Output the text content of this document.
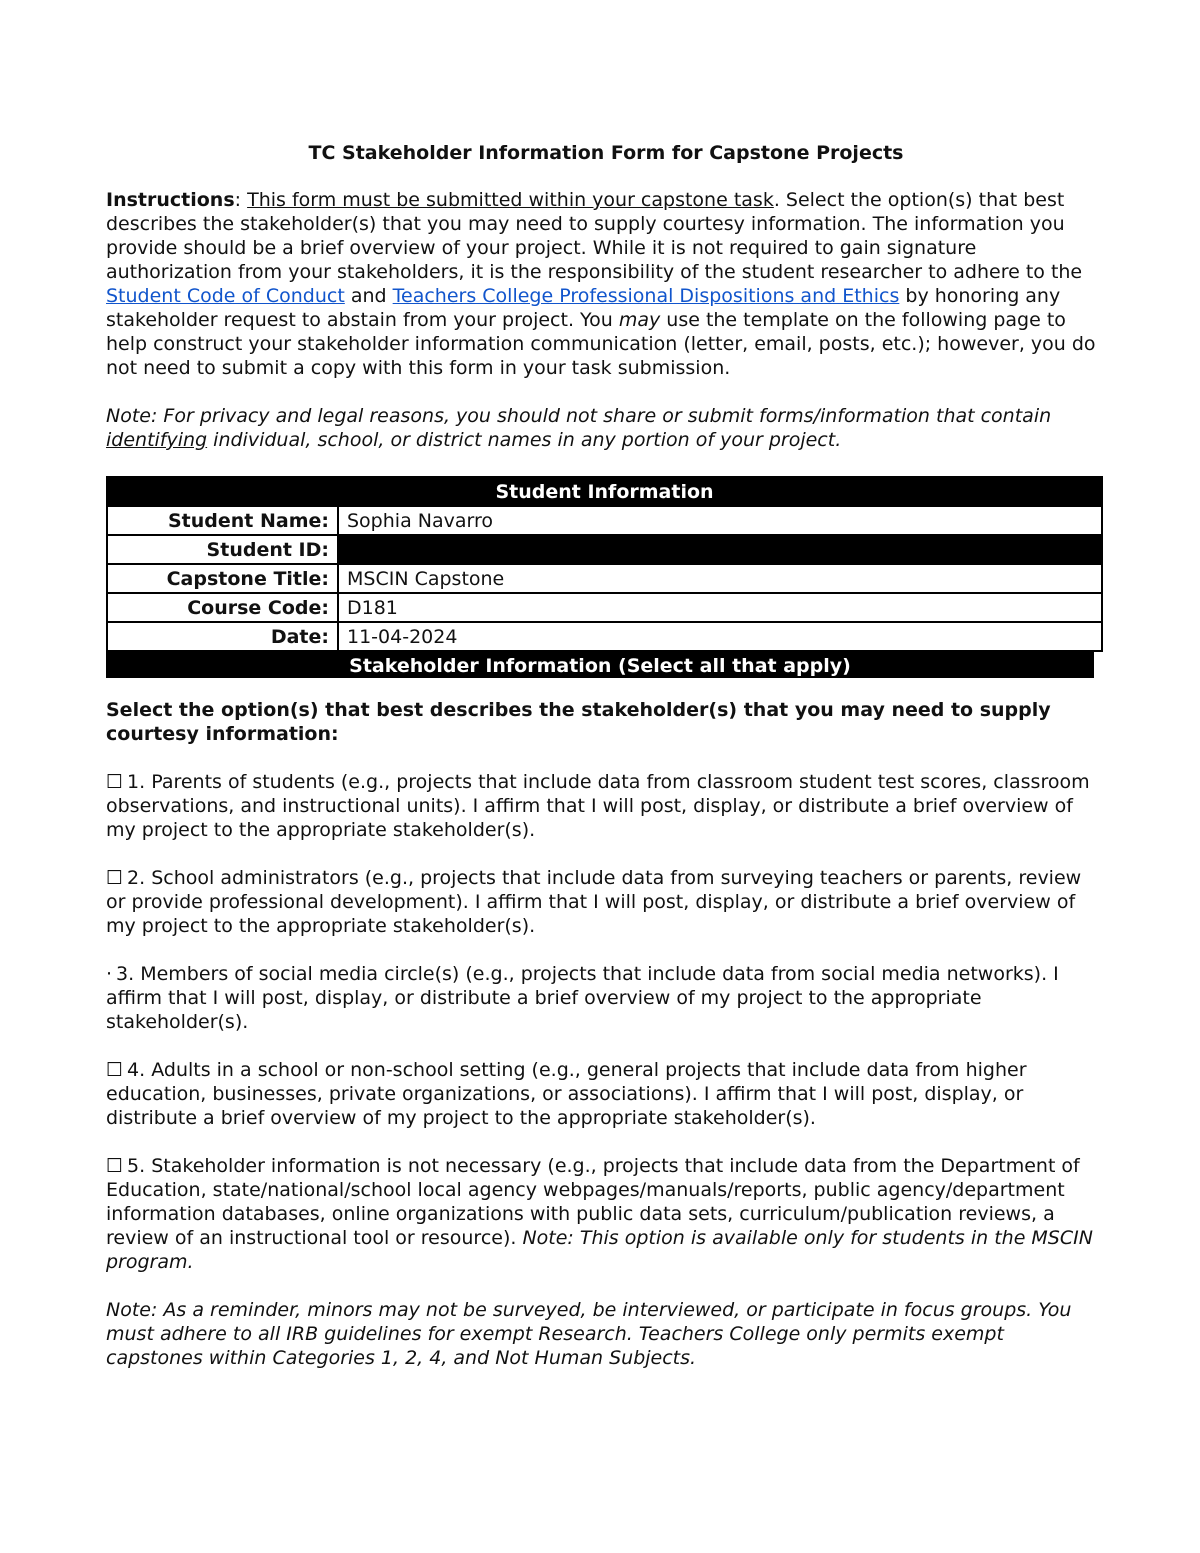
TC Stakeholder Information Form for Capstone Projects

Instructions: This form must be submitted within your capstone task. Select the option(s) that best describes the stakeholder(s) that you may need to supply courtesy information. The information you provide should be a brief overview of your project. While it is not required to gain signature authorization from your stakeholders, it is the responsibility of the student researcher to adhere to the Student Code of Conduct and Teachers College Professional Dispositions and Ethics by honoring any stakeholder request to abstain from your project. You may use the template on the following page to help construct your stakeholder information communication (letter, email, posts, etc.); however, you do not need to submit a copy with this form in your task submission.

Note: For privacy and legal reasons, you should not share or submit forms/information that contain identifying individual, school, or district names in any portion of your project.

Student Information	
Student Name:	Sophia Navarro
Student ID:	
Capstone Title:	MSCIN Capstone
Course Code:	D181
Date:	11-04-2024
Stakeholder Information (Select all that apply)

Select the option(s) that best describes the stakeholder(s) that you may need to supply courtesy information:

☐ 1. Parents of students (e.g., projects that include data from classroom student test scores, classroom observations, and instructional units). I affirm that I will post, display, or distribute a brief overview of my project to the appropriate stakeholder(s).

☐ 2. School administrators (e.g., projects that include data from surveying teachers or parents, review or provide professional development). I affirm that I will post, display, or distribute a brief overview of my project to the appropriate stakeholder(s).

· 3. Members of social media circle(s) (e.g., projects that include data from social media networks). I affirm that I will post, display, or distribute a brief overview of my project to the appropriate stakeholder(s).

☐ 4. Adults in a school or non-school setting (e.g., general projects that include data from higher education, businesses, private organizations, or associations). I affirm that I will post, display, or distribute a brief overview of my project to the appropriate stakeholder(s).

☐ 5. Stakeholder information is not necessary (e.g., projects that include data from the Department of Education, state/national/school local agency webpages/manuals/reports, public agency/department information databases, online organizations with public data sets, curriculum/publication reviews, a review of an instructional tool or resource). Note: This option is available only for students in the MSCIN program.

Note: As a reminder, minors may not be surveyed, be interviewed, or participate in focus groups. You must adhere to all IRB guidelines for exempt Research. Teachers College only permits exempt capstones within Categories 1, 2, 4, and Not Human Subjects.
